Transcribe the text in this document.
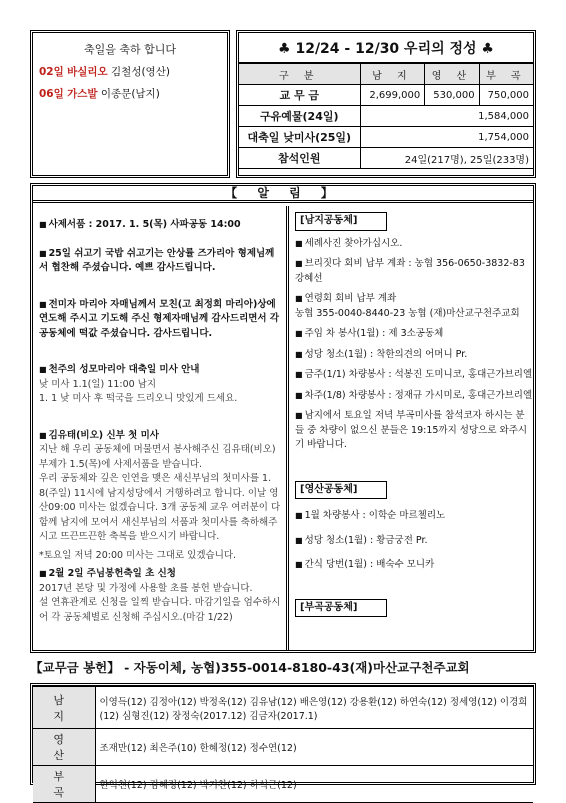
축일을 축하 합니다
02일 바실리오 김철성(영산)
06일 가스발 이종문(남지)
♣ 12/24 - 12/30 우리의 정성 ♣
구 분	남 지	영 산	부 곡
교 무 금	2,699,000	530,000	750,000
구유예물(24일)	1,584,000		
대축일 낮미사(25일)	1,754,000		
참석인원	24일(217명), 25일(233명)		
【 알 림 】
■ 사제서품 : 2017. 1. 5(목) 사파공동 14:00
■ 25일 쉬고기 국밥 쉬고기는 안상률 즈가리아 형제님께서 협찬해 주셨습니다. 예쁘 감사드립니다.
■ 전미자 마리아 자매님께서 모친(고 최정희 마리아)상에 연도해 주시고 기도해 주신 형제자매님께 감사드리면서 각 공동체에 떡값 주셨습니다. 감사드립니다.
■ 천주의 성모마리아 대축일 미사 안내
낮 미사 1.1(일) 11:00 남지
1. 1 낮 미사 후 떡국을 드리오니 맛있게 드세요.
■ 김유태(비오) 신부 첫 미사
지난 해 우리 공동체에 머물면서 봉사해주신 김유태(비오)부제가 1.5(목)에 사제서품을 받습니다.
우리 공동체와 깊은 인연을 맺은 새신부님의 첫미사를 1. 8(주일) 11시에 남지성당에서 거행하려고 합니다. 이날 영산09:00 미사는 없겠습니다. 3개 공동체 교우 여러분이 다 함께 남지에 모여서 새신부님의 서품과 첫미사를 축하해주시고 뜨끈뜨끈한 축복을 받으시기 바랍니다.
*토요일 저녁 20:00 미사는 그대로 있겠습니다.
■ 2월 2일 주님봉헌축일 초 신청
2017년 본당 및 가정에 사용할 초를 봉헌 받습니다.
설 연휴관계로 신청을 일찍 받습니다. 마감기일을 엄수하시어 각 공동체별로 신청해 주십시오.(마감 1/22)
[남지공동체]
■ 세례사진 찾아가십시오.
■ 브리짓다 회비 납부 계좌 : 농협 356-0650-3832-83 강혜선
■ 연령회 회비 납부 계좌
농협 355-0040-8440-23 농협 (재)마산교구천주교회
■ 주임 차 봉사(1월) : 제 3소공동체
■ 성당 청소(1월) : 착한의견의 어머니 Pr.
■ 금주(1/1) 차량봉사 : 석봉진 도미니코, 홍대근가브리엘
■ 차주(1/8) 차량봉사 : 정재규 가시미로, 홍대근가브리엘
■ 남지에서 토요일 저녁 부곡미사를 참석코자 하시는 분들 중 차량이 없으신 분들은 19:15까지 성당으로 와주시기 바랍니다.
[영산공동체]
■ 1월 차량봉사 : 이학순 마르첼리노
■ 성당 청소(1월) : 황금궁전 Pr.
■ 간식 당번(1월) : 배숙수 모니카
[부곡공동체]
【교무금 봉헌】 - 자동이체, 농협)355-0014-8180-43(재)마산교구천주교회
남 지	이영득(12) 김정아(12) 박정옥(12) 김유남(12) 배은영(12) 강용환(12) 하연숙(12) 정세영(12) 이경희(12) 심형진(12) 장정숙(2017.12) 김금자(2017.1)
영 산	조재만(12) 최은주(10) 한혜정(12) 정수연(12)
부 곡	한억천(12) 김혜정(12) 박기찬(12) 하석근(12)
